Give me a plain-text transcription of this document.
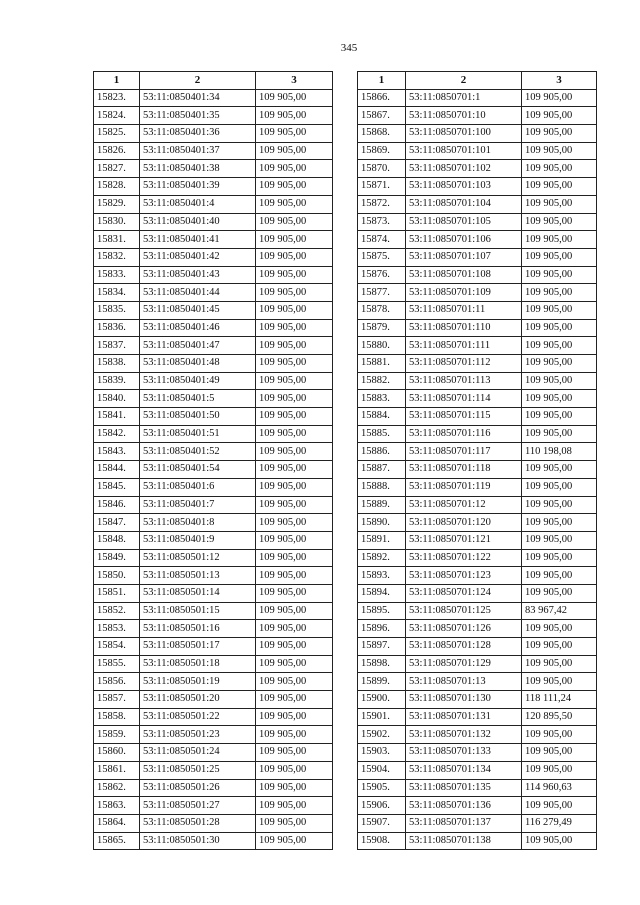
345
1	2	3
15823.	53:11:0850401:34	109 905,00
15824.	53:11:0850401:35	109 905,00
15825.	53:11:0850401:36	109 905,00
15826.	53:11:0850401:37	109 905,00
15827.	53:11:0850401:38	109 905,00
15828.	53:11:0850401:39	109 905,00
15829.	53:11:0850401:4	109 905,00
15830.	53:11:0850401:40	109 905,00
15831.	53:11:0850401:41	109 905,00
15832.	53:11:0850401:42	109 905,00
15833.	53:11:0850401:43	109 905,00
15834.	53:11:0850401:44	109 905,00
15835.	53:11:0850401:45	109 905,00
15836.	53:11:0850401:46	109 905,00
15837.	53:11:0850401:47	109 905,00
15838.	53:11:0850401:48	109 905,00
15839.	53:11:0850401:49	109 905,00
15840.	53:11:0850401:5	109 905,00
15841.	53:11:0850401:50	109 905,00
15842.	53:11:0850401:51	109 905,00
15843.	53:11:0850401:52	109 905,00
15844.	53:11:0850401:54	109 905,00
15845.	53:11:0850401:6	109 905,00
15846.	53:11:0850401:7	109 905,00
15847.	53:11:0850401:8	109 905,00
15848.	53:11:0850401:9	109 905,00
15849.	53:11:0850501:12	109 905,00
15850.	53:11:0850501:13	109 905,00
15851.	53:11:0850501:14	109 905,00
15852.	53:11:0850501:15	109 905,00
15853.	53:11:0850501:16	109 905,00
15854.	53:11:0850501:17	109 905,00
15855.	53:11:0850501:18	109 905,00
15856.	53:11:0850501:19	109 905,00
15857.	53:11:0850501:20	109 905,00
15858.	53:11:0850501:22	109 905,00
15859.	53:11:0850501:23	109 905,00
15860.	53:11:0850501:24	109 905,00
15861.	53:11:0850501:25	109 905,00
15862.	53:11:0850501:26	109 905,00
15863.	53:11:0850501:27	109 905,00
15864.	53:11:0850501:28	109 905,00
15865.	53:11:0850501:30	109 905,00
1	2	3
15866.	53:11:0850701:1	109 905,00
15867.	53:11:0850701:10	109 905,00
15868.	53:11:0850701:100	109 905,00
15869.	53:11:0850701:101	109 905,00
15870.	53:11:0850701:102	109 905,00
15871.	53:11:0850701:103	109 905,00
15872.	53:11:0850701:104	109 905,00
15873.	53:11:0850701:105	109 905,00
15874.	53:11:0850701:106	109 905,00
15875.	53:11:0850701:107	109 905,00
15876.	53:11:0850701:108	109 905,00
15877.	53:11:0850701:109	109 905,00
15878.	53:11:0850701:11	109 905,00
15879.	53:11:0850701:110	109 905,00
15880.	53:11:0850701:111	109 905,00
15881.	53:11:0850701:112	109 905,00
15882.	53:11:0850701:113	109 905,00
15883.	53:11:0850701:114	109 905,00
15884.	53:11:0850701:115	109 905,00
15885.	53:11:0850701:116	109 905,00
15886.	53:11:0850701:117	110 198,08
15887.	53:11:0850701:118	109 905,00
15888.	53:11:0850701:119	109 905,00
15889.	53:11:0850701:12	109 905,00
15890.	53:11:0850701:120	109 905,00
15891.	53:11:0850701:121	109 905,00
15892.	53:11:0850701:122	109 905,00
15893.	53:11:0850701:123	109 905,00
15894.	53:11:0850701:124	109 905,00
15895.	53:11:0850701:125	83 967,42
15896.	53:11:0850701:126	109 905,00
15897.	53:11:0850701:128	109 905,00
15898.	53:11:0850701:129	109 905,00
15899.	53:11:0850701:13	109 905,00
15900.	53:11:0850701:130	118 111,24
15901.	53:11:0850701:131	120 895,50
15902.	53:11:0850701:132	109 905,00
15903.	53:11:0850701:133	109 905,00
15904.	53:11:0850701:134	109 905,00
15905.	53:11:0850701:135	114 960,63
15906.	53:11:0850701:136	109 905,00
15907.	53:11:0850701:137	116 279,49
15908.	53:11:0850701:138	109 905,00
